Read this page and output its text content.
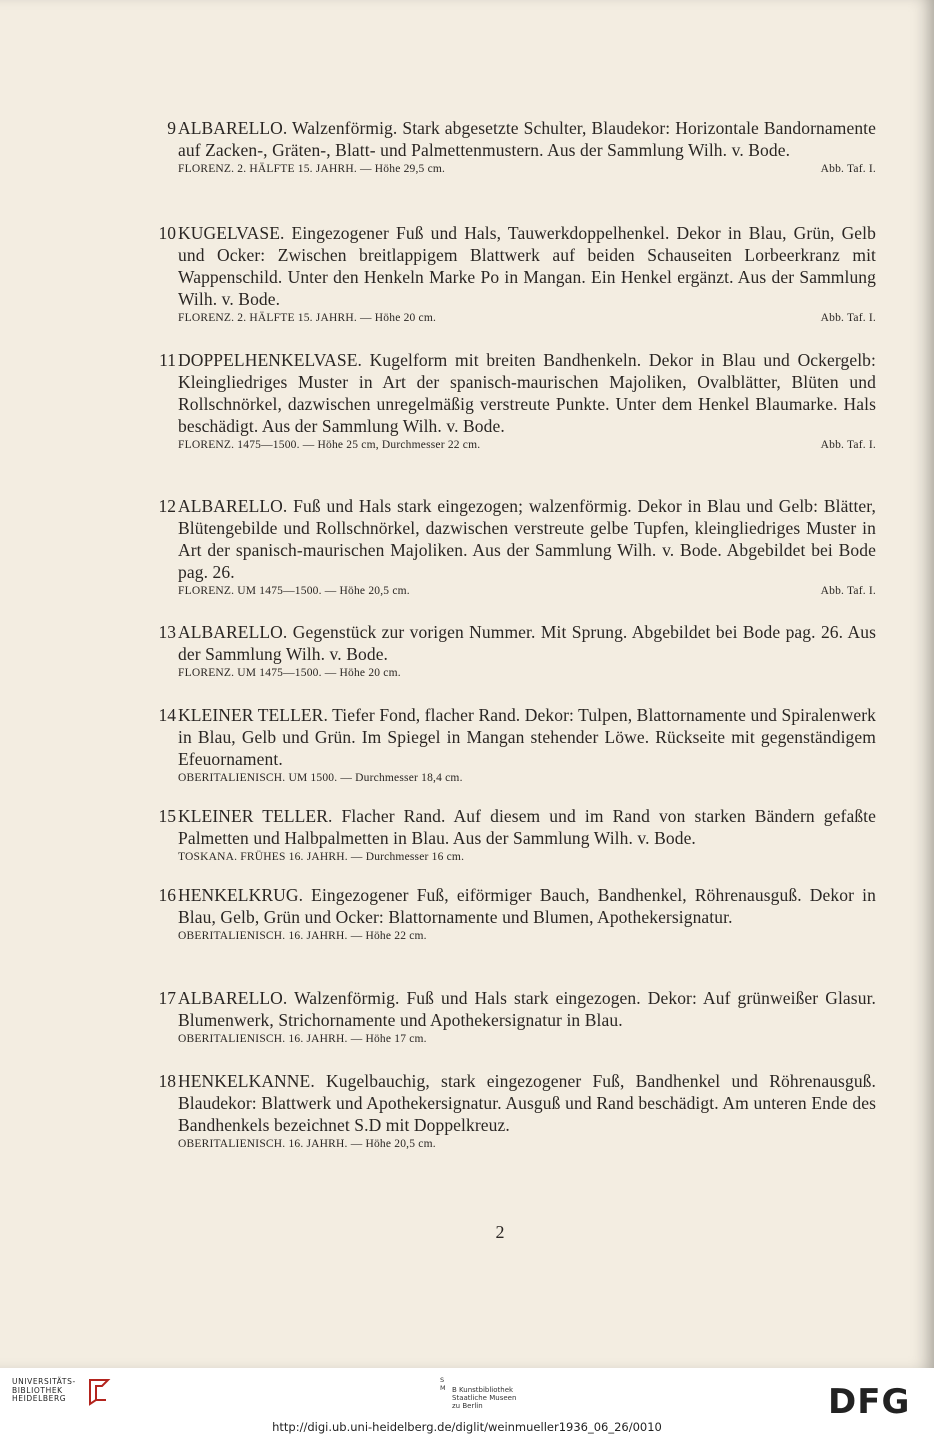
9 ALBARELLO. Walzenförmig. Stark abgesetzte Schulter, Blaudekor: Horizontale Bandornamente auf Zacken-, Gräten-, Blatt- und Palmettenmustern. Aus der Sammlung Wilh. v. Bode.
FLORENZ. 2. HÄLFTE 15. JAHRH. — Höhe 29,5 cm.	Abb. Taf. I.
10 KUGELVASE. Eingezogener Fuß und Hals, Tauwerkdoppelhenkel. Dekor in Blau, Grün, Gelb und Ocker: Zwischen breitlappigem Blattwerk auf beiden Schauseiten Lorbeerkranz mit Wappenschild. Unter den Henkeln Marke Po in Mangan. Ein Henkel ergänzt. Aus der Sammlung Wilh. v. Bode.
FLORENZ. 2. HÄLFTE 15. JAHRH. — Höhe 20 cm.	Abb. Taf. I.
11 DOPPELHENKELVASE. Kugelform mit breiten Bandhenkeln. Dekor in Blau und Ockergelb: Kleingliedriges Muster in Art der spanisch-maurischen Majoliken, Ovalblätter, Blüten und Rollschnörkel, dazwischen unregelmäßig verstreute Punkte. Unter dem Henkel Blaumarke. Hals beschädigt. Aus der Sammlung Wilh. v. Bode.
FLORENZ. 1475—1500. — Höhe 25 cm, Durchmesser 22 cm.	Abb. Taf. I.
12 ALBARELLO. Fuß und Hals stark eingezogen; walzenförmig. Dekor in Blau und Gelb: Blätter, Blütengebilde und Rollschnörkel, dazwischen verstreute gelbe Tupfen, kleingliedriges Muster in Art der spanisch-maurischen Majoliken. Aus der Sammlung Wilh. v. Bode. Abgebildet bei Bode pag. 26.
FLORENZ. UM 1475—1500. — Höhe 20,5 cm.	Abb. Taf. I.
13 ALBARELLO. Gegenstück zur vorigen Nummer. Mit Sprung. Abgebildet bei Bode pag. 26. Aus der Sammlung Wilh. v. Bode.
FLORENZ. UM 1475—1500. — Höhe 20 cm.
14 KLEINER TELLER. Tiefer Fond, flacher Rand. Dekor: Tulpen, Blattornamente und Spiralenwerk in Blau, Gelb und Grün. Im Spiegel in Mangan stehender Löwe. Rückseite mit gegenständigem Efeuornament.
OBERITALIENISCH. UM 1500. — Durchmesser 18,4 cm.
15 KLEINER TELLER. Flacher Rand. Auf diesem und im Rand von starken Bändern gefaßte Palmetten und Halbpalmetten in Blau. Aus der Sammlung Wilh. v. Bode.
TOSKANA. FRÜHES 16. JAHRH. — Durchmesser 16 cm.
16 HENKELKRUG. Eingezogener Fuß, eiförmiger Bauch, Bandhenkel, Röhrenausguß. Dekor in Blau, Gelb, Grün und Ocker: Blattornamente und Blumen, Apothekersignatur.
OBERITALIENISCH. 16. JAHRH. — Höhe 22 cm.
17 ALBARELLO. Walzenförmig. Fuß und Hals stark eingezogen. Dekor: Auf grünweißer Glasur. Blumenwerk, Strichornamente und Apothekersignatur in Blau.
OBERITALIENISCH. 16. JAHRH. — Höhe 17 cm.
18 HENKELKANNE. Kugelbauchig, stark eingezogener Fuß, Bandhenkel und Röhrenausguß. Blaudekor: Blattwerk und Apothekersignatur. Ausguß und Rand beschädigt. Am unteren Ende des Bandhenkels bezeichnet S.D mit Doppelkreuz.
OBERITALIENISCH. 16. JAHRH. — Höhe 20,5 cm.
2
UNIVERSITÄTS-
BIBLIOTHEK
HEIDELBERG
S M B Kunstbibliothek
Staatliche Museen
zu Berlin	DFG
http://digi.ub.uni-heidelberg.de/diglit/weinmueller1936_06_26/0010
